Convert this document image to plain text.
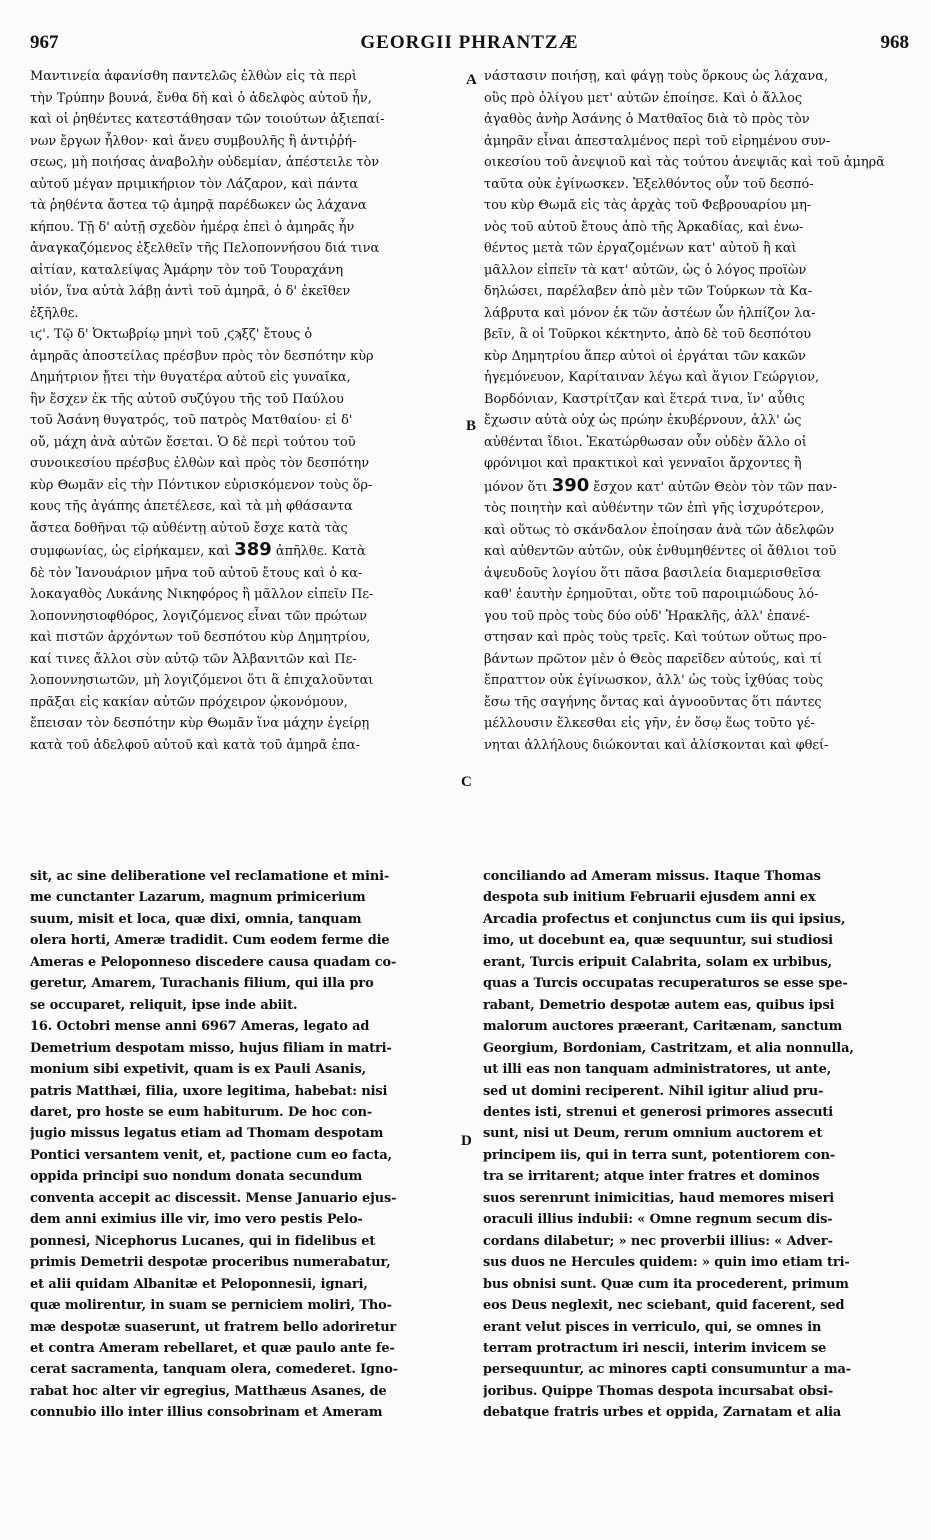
967	GEORGII PHRANTZÆ	968
Μαντινεία ἀφανίσθη παντελῶς ἐλθὼν εἰς τὰ περὶ
τὴν Τρύπην βουνά, ἔνθα δὴ καὶ ὁ ἀδελφὸς αὐτοῦ ἦν,
καὶ οἱ ῥηθέντες κατεστάθησαν τῶν τοιούτων ἀξιεπαί-
νων ἔργων ἦλθον· καὶ ἄνευ συμβουλῆς ἢ ἀντιῤῥή-
σεως, μὴ ποιήσας ἀναβολὴν οὐδεμίαν, ἀπέστειλε τὸν
αὐτοῦ μέγαν πριμικήριον τὸν Λάζαρον, καὶ πάντα
τὰ ῥηθέντα ἄστεα τῷ ἀμηρᾷ παρέδωκεν ὡς λάχανα
κήπου. Τῇ δ' αὐτῇ σχεδὸν ἡμέρᾳ ἐπεὶ ὁ ἀμηρᾶς ἦν
ἀναγκαζόμενος ἐξελθεῖν τῆς Πελοποννήσου διά τινα
αἰτίαν, καταλείψας Ἀμάρην τὸν τοῦ Τουραχάνη
υἱόν, ἵνα αὐτὰ λάβῃ ἀντὶ τοῦ ἀμηρᾶ, ὁ δ' ἐκεῖθεν
ἐξῆλθε.
ιϛ'. Τῷ δ' Ὀκτωβρίῳ μηνὶ τοῦ ͵ϛϡξζ' ἔτους ὁ
ἀμηρᾶς ἀποστείλας πρέσβυν πρὸς τὸν δεσπότην κὺρ
Δημήτριον ᾔτει τὴν θυγατέρα αὐτοῦ εἰς γυναῖκα,
ἣν ἔσχεν ἐκ τῆς αὐτοῦ συζύγου τῆς τοῦ Παύλου
τοῦ Ἀσάνη θυγατρός, τοῦ πατρὸς Ματθαίου· εἰ δ'
οὔ, μάχη ἀνὰ αὐτῶν ἔσεται. Ὁ δὲ περὶ τούτου τοῦ
συνοικεσίου πρέσβυς ἐλθὼν καὶ πρὸς τὸν δεσπότην
κὺρ Θωμᾶν εἰς τὴν Πόντικον εὑρισκόμενον τοὺς ὅρ-
κους τῆς ἀγάπης ἀπετέλεσε, καὶ τὰ μὴ φθάσαντα
ἄστεα δοθῆναι τῷ αὐθέντῃ αὐτοῦ ἔσχε κατὰ τὰς
συμφωνίας, ὡς εἰρήκαμεν, καὶ 389 ἀπῆλθε. Κατὰ
δὲ τὸν Ἰανουάριον μῆνα τοῦ αὐτοῦ ἔτους καὶ ὁ κα-
λοκαγαθὸς Λυκάνης Νικηφόρος ἢ μᾶλλον εἰπεῖν Πε-
λοποννησιοφθόρος, λογιζόμενος εἶναι τῶν πρώτων
καὶ πιστῶν ἀρχόντων τοῦ δεσπότου κὺρ Δημητρίου,
καί τινες ἄλλοι σὺν αὐτῷ τῶν Ἀλβανιτῶν καὶ Πε-
λοποννησιωτῶν, μὴ λογιζόμενοι ὅτι ἃ ἐπιχαλοῦνται
πρᾶξαι εἰς κακίαν αὐτῶν πρόχειρον ᾠκονόμουν,
ἔπεισαν τὸν δεσπότην κὺρ Θωμᾶν ἵνα μάχην ἐγείρῃ
κατὰ τοῦ ἀδελφοῦ αὐτοῦ καὶ κατὰ τοῦ ἀμηρᾶ ἐπα-
νάστασιν ποιήσῃ, καὶ φάγῃ τοὺς ὅρκους ὡς λάχανα,
οὓς πρὸ ὀλίγου μετ' αὐτῶν ἐποίησε. Καὶ ὁ ἄλλος
ἀγαθὸς ἀνὴρ Ἀσάνης ὁ Ματθαῖος διὰ τὸ πρὸς τὸν
ἀμηρᾶν εἶναι ἀπεσταλμένος περὶ τοῦ εἰρημένου συν-
οικεσίου τοῦ ἀνεψιοῦ καὶ τὰς τούτου ἀνεψιᾶς καὶ τοῦ ἀμηρᾶ
ταῦτα οὐκ ἐγίνωσκεν. Ἐξελθόντος οὖν τοῦ δεσπό-
του κὺρ Θωμᾶ εἰς τὰς ἀρχὰς τοῦ Φεβρουαρίου μη-
νὸς τοῦ αὐτοῦ ἔτους ἀπὸ τῆς Ἀρκαδίας, καὶ ἑνω-
θέντος μετὰ τῶν ἐργαζομένων κατ' αὐτοῦ ἢ καὶ
μᾶλλον εἰπεῖν τὰ κατ' αὐτῶν, ὡς ὁ λόγος προϊὼν
δηλώσει, παρέλαβεν ἀπὸ μὲν τῶν Τούρκων τὰ Κα-
λάβρυτα καὶ μόνον ἐκ τῶν ἀστέων ὧν ἠλπίζον λα-
βεῖν, ἃ οἱ Τοῦρκοι κέκτηντο, ἀπὸ δὲ τοῦ δεσπότου
κὺρ Δημητρίου ἅπερ αὐτοὶ οἱ ἐργάται τῶν κακῶν
ἡγεμόνευον, Καρίταιναν λέγω καὶ ἅγιον Γεώργιον,
Βορδόνιαν, Καστρίτζαν καὶ ἕτερά τινα, ἵν' αὖθις
ἔχωσιν αὐτὰ οὐχ ὡς πρώην ἐκυβέρνουν, ἀλλ' ὡς
αὐθένται ἴδιοι. Ἐκατώρθωσαν οὖν οὐδὲν ἄλλο οἱ
φρόνιμοι καὶ πρακτικοὶ καὶ γενναῖοι ἄρχοντες ἢ
μόνον ὅτι 390 ἔσχον κατ' αὐτῶν Θεὸν τὸν τῶν παν-
τὸς ποιητὴν καὶ αὐθέντην τῶν ἐπὶ γῆς ἰσχυρότερον,
καὶ οὕτως τὸ σκάνδαλον ἐποίησαν ἀνὰ τῶν ἀδελφῶν
καὶ αὐθεντῶν αὐτῶν, οὐκ ἐνθυμηθέντες οἱ ἄθλιοι τοῦ
ἀψευδοῦς λογίου ὅτι πᾶσα βασιλεία διαμερισθεῖσα
καθ' ἑαυτὴν ἐρημοῦται, οὔτε τοῦ παροιμιώδους λό-
γου τοῦ πρὸς τοὺς δύο οὐδ' Ἡρακλῆς, ἀλλ' ἐπανέ-
στησαν καὶ πρὸς τοὺς τρεῖς. Καὶ τούτων οὕτως προ-
βάντων πρῶτον μὲν ὁ Θεὸς παρεῖδεν αὐτούς, καὶ τί
ἔπραττον οὐκ ἐγίνωσκον, ἀλλ' ὡς τοὺς ἰχθύας τοὺς
ἔσω τῆς σαγήνης ὄντας καὶ ἀγνοοῦντας ὅτι πάντες
μέλλουσιν ἕλκεσθαι εἰς γῆν, ἐν ὅσῳ ἕως τοῦτο γέ-
νηται ἀλλήλους διώκονται καὶ ἁλίσκονται καὶ φθεί-
sit, ac sine deliberatione vel reclamatione et mini-
me cunctanter Lazarum, magnum primicerium
suum, misit et loca, quæ dixi, omnia, tanquam
olera horti, Ameræ tradidit. Cum eodem ferme die
Ameras e Peloponneso discedere causa quadam co-
geretur, Amarem, Turachanis filium, qui illa pro
se occuparet, reliquit, ipse inde abiit.
16. Octobri mense anni 6967 Ameras, legato ad
Demetrium despotam misso, hujus filiam in matri-
monium sibi expetivit, quam is ex Pauli Asanis,
patris Matthæi, filia, uxore legitima, habebat: nisi
daret, pro hoste se eum habiturum. De hoc con-
jugio missus legatus etiam ad Thomam despotam
Pontici versantem venit, et, pactione cum eo facta,
oppida principi suo nondum donata secundum
conventa accepit ac discessit. Mense Januario ejus-
dem anni eximius ille vir, imo vero pestis Pelo-
ponnesi, Nicephorus Lucanes, qui in fidelibus et
primis Demetrii despotæ proceribus numerabatur,
et alii quidam Albanitæ et Peloponnesii, ignari,
quæ molirentur, in suam se perniciem moliri, Tho-
mæ despotæ suaserunt, ut fratrem bello adoriretur
et contra Ameram rebellaret, et quæ paulo ante fe-
cerat sacramenta, tanquam olera, comederet. Igno-
rabat hoc alter vir egregius, Matthæus Asanes, de
connubio illo inter illius consobrinam et Ameram
conciliando ad Ameram missus. Itaque Thomas
despota sub initium Februarii ejusdem anni ex
Arcadia profectus et conjunctus cum iis qui ipsius,
imo, ut docebunt ea, quæ sequuntur, sui studiosi
erant, Turcis eripuit Calabrita, solam ex urbibus,
quas a Turcis occupatas recuperaturos se esse spe-
rabant, Demetrio despotæ autem eas, quibus ipsi
malorum auctores præerant, Caritænam, sanctum
Georgium, Bordoniam, Castritzam, et alia nonnulla,
ut illi eas non tanquam administratores, ut ante,
sed ut domini reciperent. Nihil igitur aliud pru-
dentes isti, strenui et generosi primores assecuti
sunt, nisi ut Deum, rerum omnium auctorem et
principem iis, qui in terra sunt, potentiorem con-
tra se irritarent; atque inter fratres et dominos
suos serenrunt inimicitias, haud memores miseri
oraculi illius indubii: « Omne regnum secum dis-
cordans dilabetur; » nec proverbii illius: « Adver-
sus duos ne Hercules quidem: » quin imo etiam tri-
bus obnisi sunt. Quæ cum ita procederent, primum
eos Deus neglexit, nec sciebant, quid facerent, sed
erant velut pisces in verriculo, qui, se omnes in
terram protractum iri nescii, interim invicem se
persequuntur, ac minores capti consumuntur a ma-
joribus. Quippe Thomas despota incursabat obsi-
debatque fratris urbes et oppida, Zarnatam et alia
A
B
C
D
